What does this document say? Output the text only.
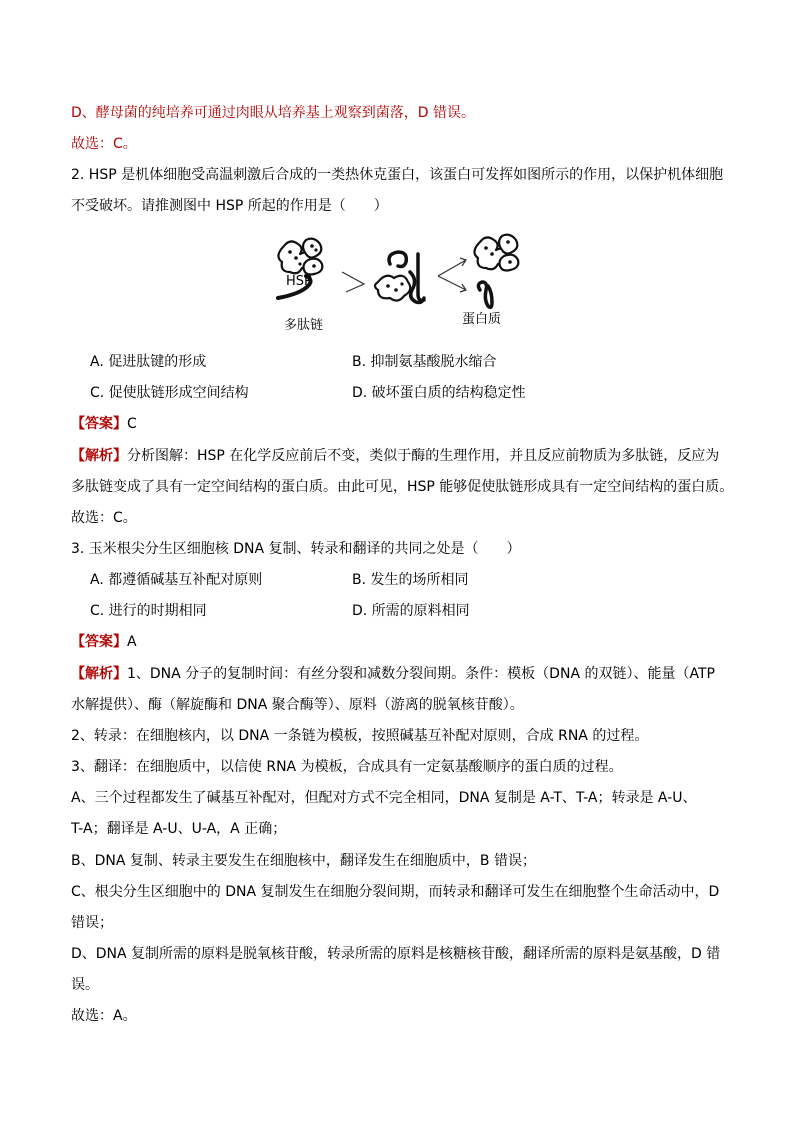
D、酵母菌的纯培养可通过肉眼从培养基上观察到菌落，D 错误。
故选：C。
2. HSP 是机体细胞受高温刺激后合成的一类热休克蛋白，该蛋白可发挥如图所示的作用，以保护机体细胞
不受破坏。请推测图中 HSP 所起的作用是（　　）
HSP
多肽链	蛋白质
A. 促进肽键的形成	B. 抑制氨基酸脱水缩合
C. 促使肽链形成空间结构	D. 破坏蛋白质的结构稳定性
【答案】C
【解析】分析图解：HSP 在化学反应前后不变，类似于酶的生理作用，并且反应前物质为多肽链，反应为
多肽链变成了具有一定空间结构的蛋白质。由此可见，HSP 能够促使肽链形成具有一定空间结构的蛋白质。
故选：C。
3. 玉米根尖分生区细胞核 DNA 复制、转录和翻译的共同之处是（　　）
A. 都遵循碱基互补配对原则	B. 发生的场所相同
C. 进行的时期相同	D. 所需的原料相同
【答案】A
【解析】1、DNA 分子的复制时间：有丝分裂和减数分裂间期。条件：模板（DNA 的双链）、能量（ATP
水解提供）、酶（解旋酶和 DNA 聚合酶等）、原料（游离的脱氧核苷酸）。
2、转录：在细胞核内，以 DNA 一条链为模板，按照碱基互补配对原则，合成 RNA 的过程。
3、翻译：在细胞质中，以信使 RNA 为模板，合成具有一定氨基酸顺序的蛋白质的过程。
A、三个过程都发生了碱基互补配对，但配对方式不完全相同，DNA 复制是 A-T、T-A；转录是 A-U、
T-A；翻译是 A-U、U-A，A 正确；
B、DNA 复制、转录主要发生在细胞核中，翻译发生在细胞质中，B 错误；
C、根尖分生区细胞中的 DNA 复制发生在细胞分裂间期，而转录和翻译可发生在细胞整个生命活动中，D
错误；
D、DNA 复制所需的原料是脱氧核苷酸，转录所需的原料是核糖核苷酸，翻译所需的原料是氨基酸，D 错
误。
故选：A。
